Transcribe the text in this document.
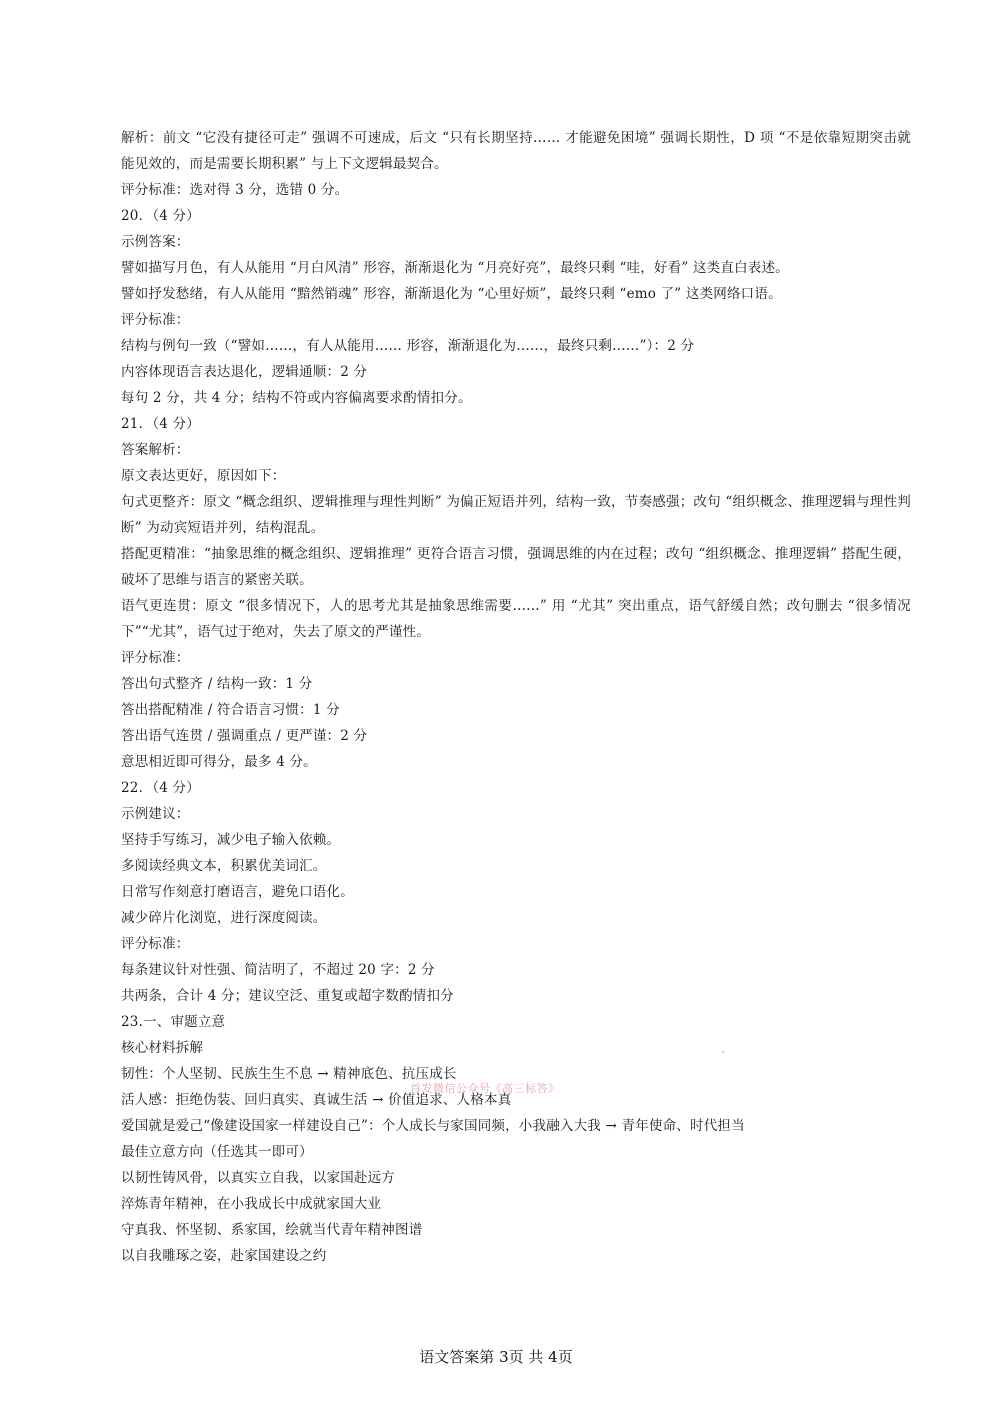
解析：前文 “它没有捷径可走” 强调不可速成，后文 “只有长期坚持…… 才能避免困境” 强调长期性，D 项 “不是依靠短期突击就能见效的，而是需要长期积累” 与上下文逻辑最契合。
评分标准：选对得 3 分，选错 0 分。
20．（4 分）
示例答案：
譬如描写月色，有人从能用 “月白风清” 形容，渐渐退化为 “月亮好亮”，最终只剩 “哇，好看” 这类直白表述。
譬如抒发愁绪，有人从能用 “黯然销魂” 形容，渐渐退化为 “心里好烦”，最终只剩 “emo 了” 这类网络口语。
评分标准：
结构与例句一致（“譬如……，有人从能用…… 形容，渐渐退化为……，最终只剩……”）：2 分
内容体现语言表达退化，逻辑通顺：2 分
每句 2 分，共 4 分；结构不符或内容偏离要求酌情扣分。
21．（4 分）
答案解析：
原文表达更好，原因如下：
句式更整齐：原文 “概念组织、逻辑推理与理性判断” 为偏正短语并列，结构一致，节奏感强；改句 “组织概念、推理逻辑与理性判断” 为动宾短语并列，结构混乱。
搭配更精准：“抽象思维的概念组织、逻辑推理” 更符合语言习惯，强调思维的内在过程；改句 “组织概念、推理逻辑” 搭配生硬，破坏了思维与语言的紧密关联。
语气更连贯：原文 “很多情况下，人的思考尤其是抽象思维需要……” 用 “尤其” 突出重点，语气舒缓自然；改句删去 “很多情况下”“尤其”，语气过于绝对，失去了原文的严谨性。
评分标准：
答出句式整齐 / 结构一致：1 分
答出搭配精准 / 符合语言习惯：1 分
答出语气连贯 / 强调重点 / 更严谨：2 分
意思相近即可得分，最多 4 分。
22．（4 分）
示例建议：
坚持手写练习，减少电子输入依赖。
多阅读经典文本，积累优美词汇。
日常写作刻意打磨语言，避免口语化。
减少碎片化浏览，进行深度阅读。
评分标准：
每条建议针对性强、简洁明了，不超过 20 字：2 分
共两条，合计 4 分；建议空泛、重复或超字数酌情扣分
23.一、审题立意
核心材料拆解
韧性：个人坚韧、民族生生不息 → 精神底色、抗压成长
活人感：拒绝伪装、回归真实、真诚生活 → 价值追求、人格本真
爱国就是爱己“像建设国家一样建设自己”：个人成长与家国同频，小我融入大我 → 青年使命、时代担当
最佳立意方向（任选其一即可）
以韧性铸风骨，以真实立自我，以家国赴远方
淬炼青年精神，在小我成长中成就家国大业
守真我、怀坚韧、系家国，绘就当代青年精神图谱
以自我雕琢之姿，赴家国建设之约
首发微信公众号《高三标答》
语文答案第 3页 共 4页
